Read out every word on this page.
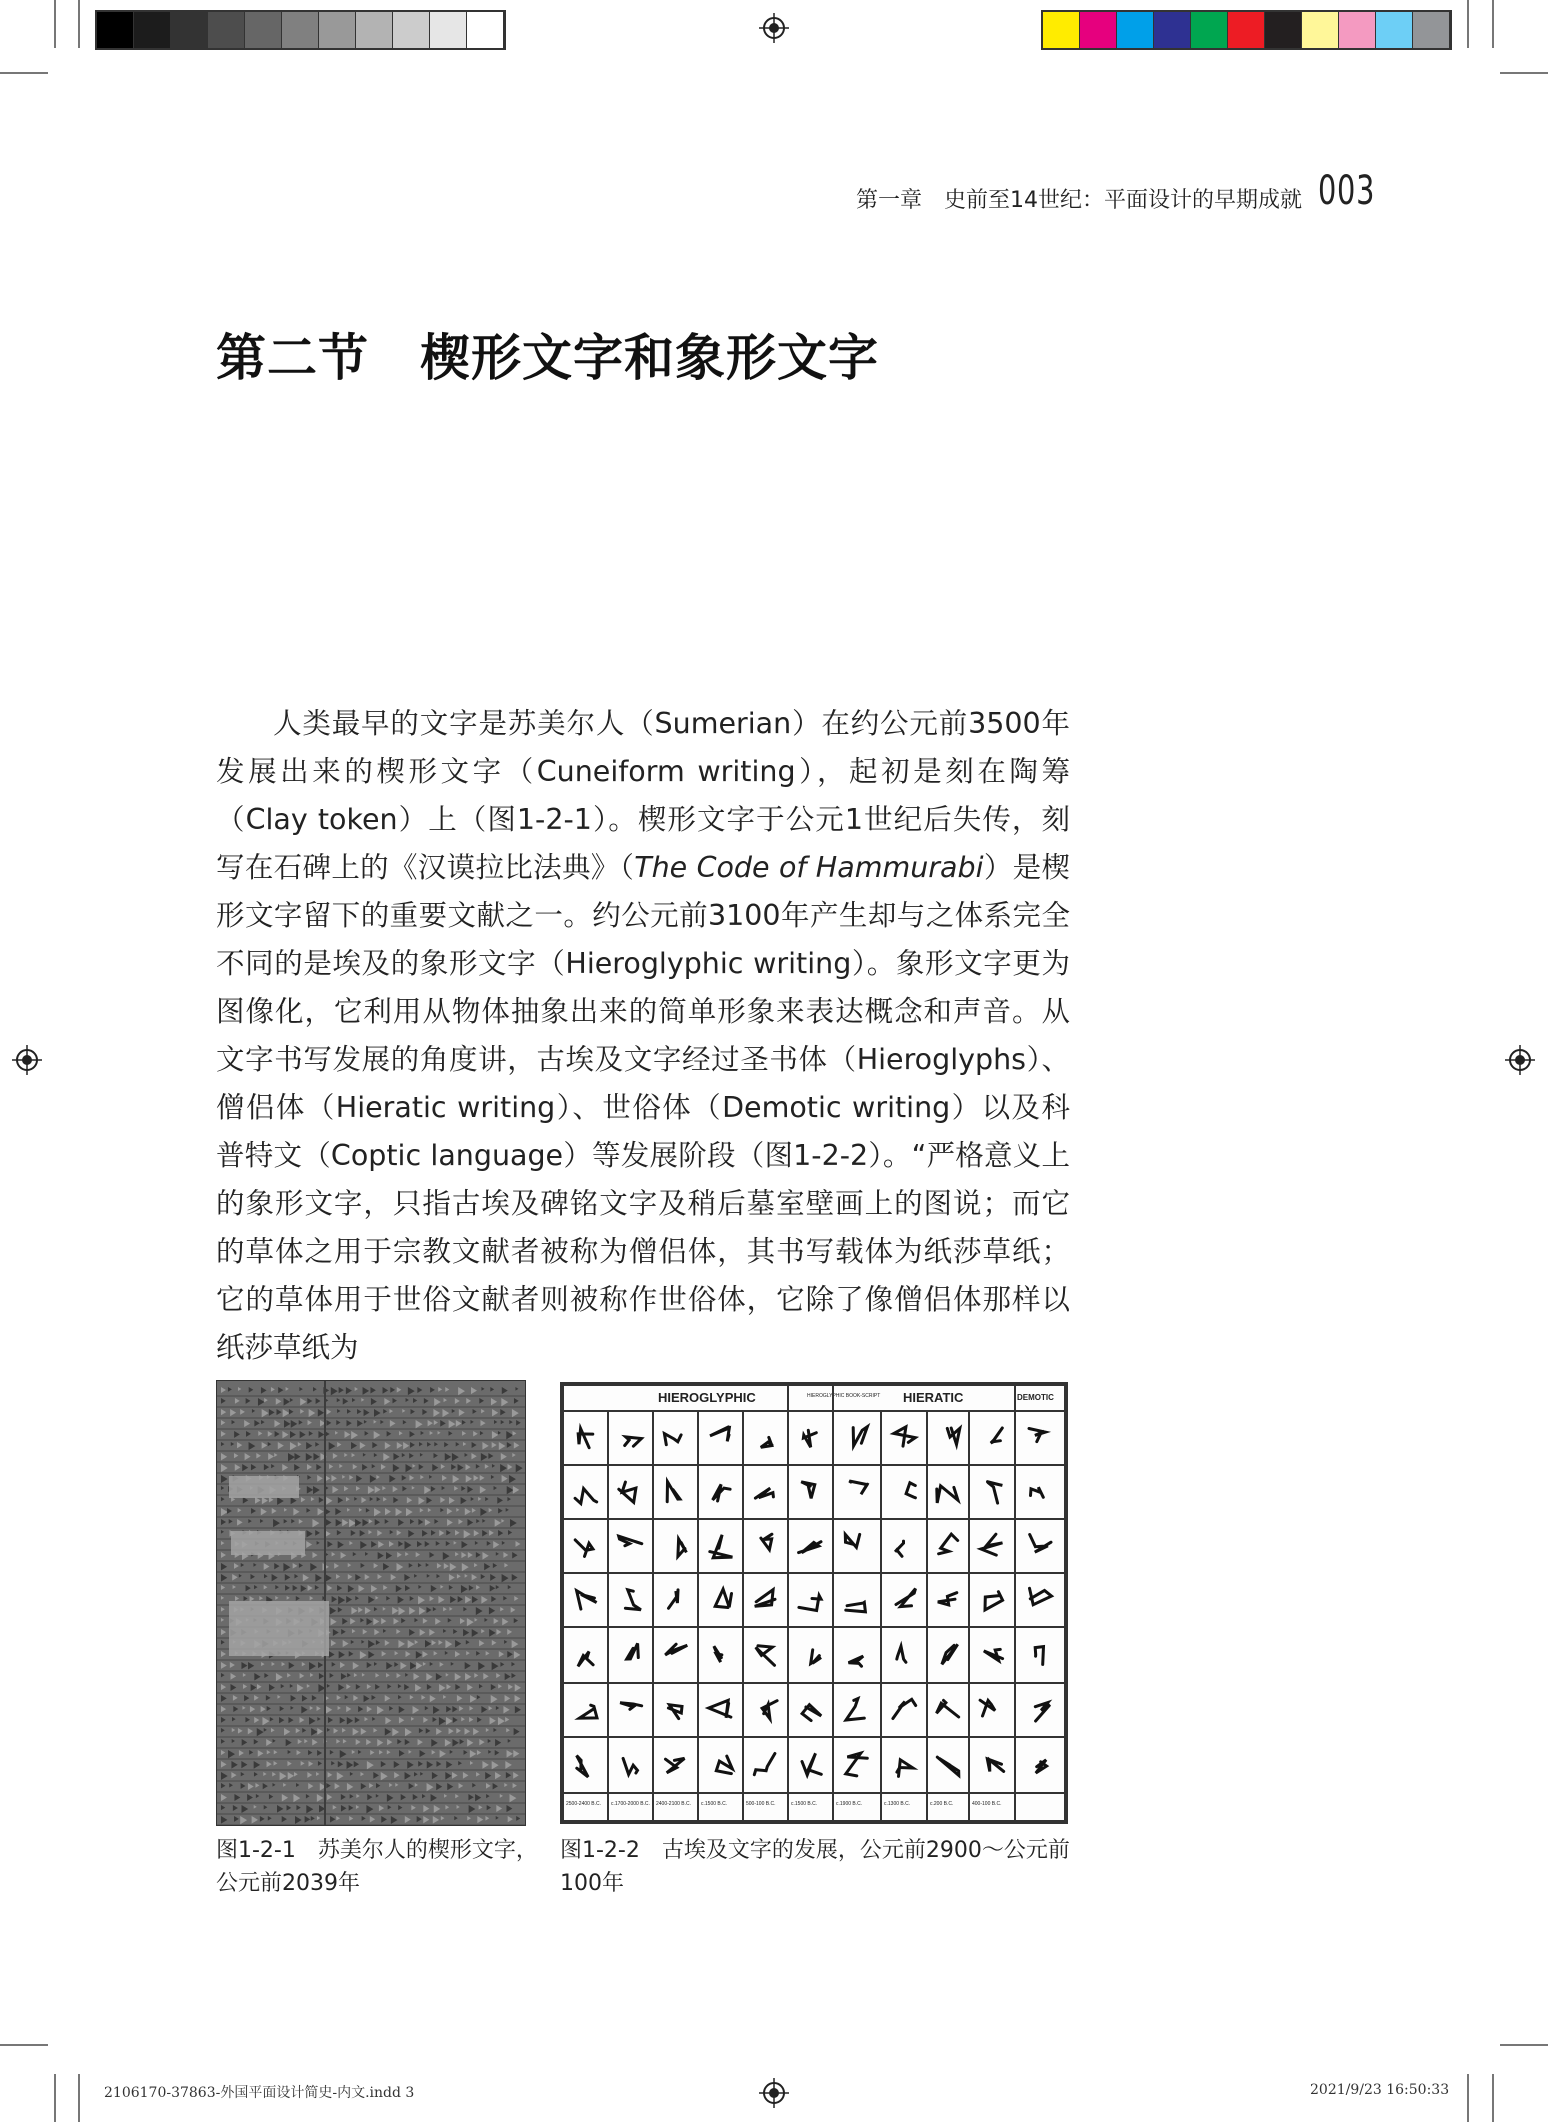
第一章　史前至14世纪：平面设计的早期成就 003
第二节　楔形文字和象形文字

人类最早的文字是苏美尔人（Sumerian）在约公元前3500年发展出来的楔形文字（Cuneiform writing），起初是刻在陶筹（Clay token）上（图1-2-1）。楔形文字于公元1世纪后失传，刻写在石碑上的《汉谟拉比法典》（The Code of Hammurabi）是楔形文字留下的重要文献之一。约公元前3100年产生却与之体系完全不同的是埃及的象形文字（Hieroglyphic writing）。象形文字更为图像化，它利用从物体抽象出来的简单形象来表达概念和声音。从文字书写发展的角度讲，古埃及文字经过圣书体（Hieroglyphs）、僧侣体（Hieratic writing）、世俗体（Demotic writing）以及科普特文（Coptic language）等发展阶段（图1-2-2）。“严格意义上的象形文字，只指古埃及碑铭文字及稍后墓室壁画上的图说；而它的草体之用于宗教文献者被称为僧侣体，其书写载体为纸莎草纸；它的草体用于世俗文献者则被称作世俗体，它除了像僧侣体那样以纸莎草纸为

图1-2-1　苏美尔人的楔形文字，
公元前2039年
HIEROGLYPHIC	HIEROGLYPHIC BOOK-SCRIPT HIERATIC	DEMOTIC
2500-2400 B.C. c.1700-2000 B.C. 2400-2100 B.C. c.1500 B.C.	500-100 B.C.	c.1500 B.C.	c.1900 B.C.	c.1300 B.C.	c.200 B.C.	400-100 B.C.
图1-2-2　古埃及文字的发展，公元前2900～公元前
100年
2106170-37863-外国平面设计简史-内文.indd 3	2021/9/23 16:50:33
